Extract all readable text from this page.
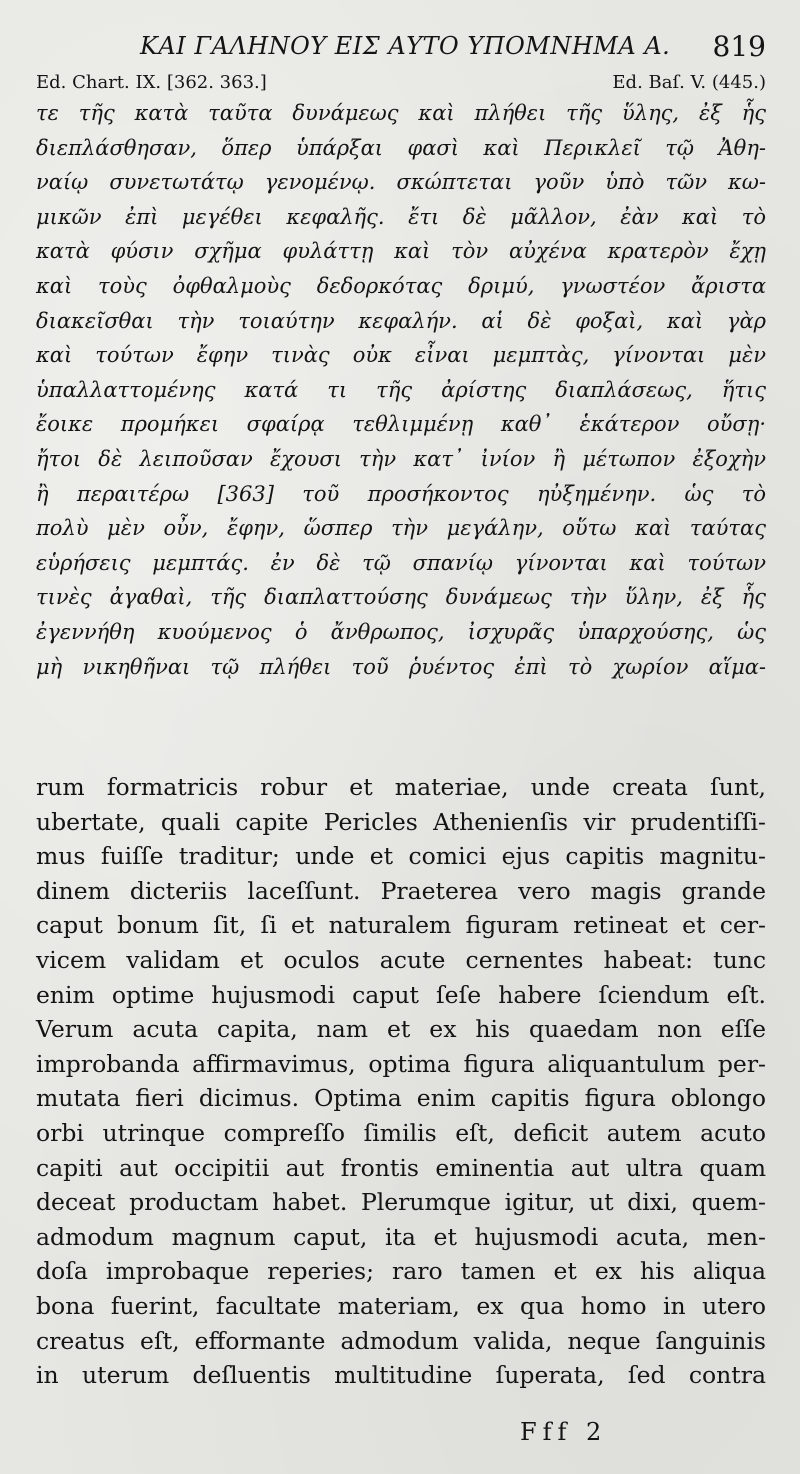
ΚΑΙ ΓΑΛΗΝΟΥ ΕΙΣ ΑΥΤΟ ΥΠΟΜΝΗΜΑ Α. 819
Ed. Chart. IX. [362. 363.]	Ed. Baſ. V. (445.)
τε τῆς κατὰ ταῦτα δυνάμεως καὶ πλήθει τῆς ὕλης, ἐξ ἧς
διεπλάσθησαν, ὅπερ ὑπάρξαι φασὶ καὶ Περικλεῖ τῷ Ἀθη-
ναίῳ συνετωτάτῳ γενομένῳ. σκώπτεται γοῦν ὑπὸ τῶν κω-
μικῶν ἐπὶ μεγέθει κεφαλῆς. ἔτι δὲ μᾶλλον, ἐὰν καὶ τὸ
κατὰ φύσιν σχῆμα φυλάττῃ καὶ τὸν αὐχένα κρατερὸν ἔχῃ
καὶ τοὺς ὀφθαλμοὺς δεδορκότας δριμύ, γνωστέον ἄριστα
διακεῖσθαι τὴν τοιαύτην κεφαλήν. αἱ δὲ φοξαὶ, καὶ γὰρ
καὶ τούτων ἔφην τινὰς οὐκ εἶναι μεμπτὰς, γίνονται μὲν
ὑπαλλαττομένης κατά τι τῆς ἀρίστης διαπλάσεως, ἥτις
ἔοικε προμήκει σφαίρᾳ τεθλιμμένῃ καθ᾽ ἑκάτερον οὔσῃ·
ἤτοι δὲ λειποῦσαν ἔχουσι τὴν κατ᾽ ἰνίον ἢ μέτωπον ἐξοχὴν
ἢ περαιτέρω [363] τοῦ προσήκοντος ηὐξημένην. ὡς τὸ
πολὺ μὲν οὖν, ἔφην, ὥσπερ τὴν μεγάλην, οὕτω καὶ ταύτας
εὑρήσεις μεμπτάς. ἐν δὲ τῷ σπανίῳ γίνονται καὶ τούτων
τινὲς ἀγαθαὶ, τῆς διαπλαττούσης δυνάμεως τὴν ὕλην, ἐξ ἧς
ἐγεννήθη κυούμενος ὁ ἄνθρωπος, ἰσχυρᾶς ὑπαρχούσης, ὡς
μὴ νικηθῆναι τῷ πλήθει τοῦ ῥυέντος ἐπὶ τὸ χωρίον αἵμα-
rum formatricis robur et materiae, unde creata ſunt,
ubertate, quali capite Pericles Athenienſis vir prudentiſſi-
mus fuiſſe traditur; unde et comici ejus capitis magnitu-
dinem dicteriis laceſſunt. Praeterea vero magis grande
caput bonum ſit, ſi et naturalem figuram retineat et cer-
vicem validam et oculos acute cernentes habeat: tunc
enim optime hujusmodi caput ſeſe habere ſciendum eſt.
Verum acuta capita, nam et ex his quaedam non eſſe
improbanda affirmavimus, optima figura aliquantulum per-
mutata fieri dicimus. Optima enim capitis figura oblongo
orbi utrinque compreſſo ſimilis eſt, deficit autem acuto
capiti aut occipitii aut frontis eminentia aut ultra quam
deceat productam habet. Plerumque igitur, ut dixi, quem-
admodum magnum caput, ita et hujusmodi acuta, men-
doſa improbaque reperies; raro tamen et ex his aliqua
bona fuerint, facultate materiam, ex qua homo in utero
creatus eſt, efformante admodum valida, neque ſanguinis
in uterum deſluentis multitudine ſuperata, ſed contra
Fff 2
